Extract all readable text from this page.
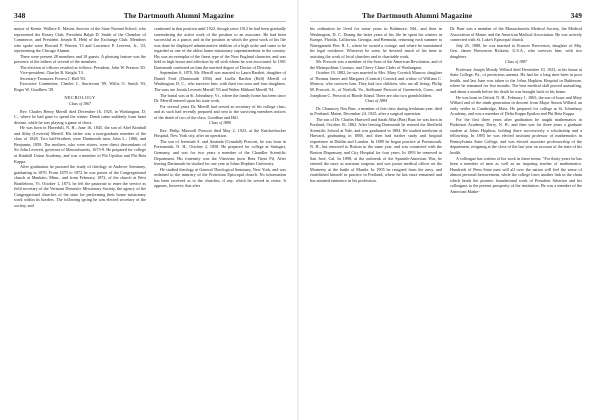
348	The Dartmouth Alumni Magazine

mayor of Keene, Wallace E. Mason, director of the State Normal School, who represented the Rotary Club, President Ralph D. Smith of the Chamber of Commerce, and President Joseph R. Hebl of the Exchange Club. Members who spoke were Howard P. Warren '13 and Lawrence P. Leavens, Jr., '23, representing the Chicago Alumni.

There were present 28 members and 18 guests. A pleasing feature was the presence of the fathers of several of the members.

The election of officers resulted as follows: President, John W. Preston '20.

Vice-president, Charles B. Knight '13.

Secretary-Treasurer, Forrest J. Hall '03.

Executive Committee, Charles C. Sturtevant '09, Willis O. Smith '03, Roger W. Goodhew '29.

NECROLOGY
Class of 1867

Rev. Charles Henry Merrill died December 16, 1925, in Washington, D. C., where he had gone to spend the winter. Death came suddenly from heart disease, while he was playing a game of chess.

He was born in Haverhill, N. H., June 16, 1845, the son of Abel Kimball and Abby (Leverett) Merrill. His father was a non-graduate member of the class of 1828. Two half-brothers were Dartmouth men, John L., 1866, and Benjamin, 1858. The mothers, who were sisters, were direct descendants of Sir John Leverett, governor of Massachusetts, 1673-9. He prepared for college at Kimball Union Academy, and was a member of Phi Upsilon and Phi Beta Kappa.

After graduation he pursued the study of theology at Andover Seminary, graduating in 1870. From 1870 to 1872 he was pastor of the Congregational church at Mankato, Minn., and from February, 1872, of the church at West Brattleboro, Vt. October 1, 1873, he left the pastorate to enter the service as field secretary of the Vermont Domestic Missionary Society, the agency of the Congregational churches of the state for performing their home missionary work within its borders. The following spring he was elected secretary of the society, and

continued in that position until 1922, though since 1912 he had been gradually surrendering the active work of the position to an associate. He had been successful as a pastor, and in the position in which the great work of his life was done he displayed administrative abilities of a high order and came to be regarded as one of the ablest home missionary superintendents in the country. His was an exemplar of the finest type of the New England character, and was held in high honor and affection by all with whom he was associated. In 1901 Dartmouth conferred on him the merited degree of Doctor of Divinity.

September 6, 1870, Mr. Merrill was married to Laura Bartlett, daughter of Daniel Ford (Dartmouth 1836) and Luella Bartlett (Bell) Merrill of Washington, D. C., who survives him, with their two sons and four daughters. The sons are Josiah Leverett Merrill '93 and Walter Hibbard Merrill '94.

The burial was at St. Johnsbury, Vt., where the family home has been since Dr. Merrill entered upon his state work.

For several years Dr. Merrill had served as secretary of his college class, and as such had recently prepared and sent to the surviving members notices of the death of two of the class, Goodhue and Hill.

Class of 1880

Rev. Philip Maxwell Prescott died May 2, 1923, at the Knickerbocker Hospital, New York city, after an operation.

The son of Jeremiah S. and Amanda (Crandall) Prescott, he was born in Portsmouth, N. H., October 2, 1858. He prepared for college at Stuttgart, Germany, and was for two years a member of the Chandler Scientific Department. His fraternity was the Vitruvian (now Beta Theta Pi). After leaving Dartmouth he studied for one year at Johns Hopkins University.

He studied theology at General Theological Seminary, New York, and was ordained to the ministry of the Protestant Episcopal church. No information has been received as to the churches, if any, which he served in restor. It appears, however, that after

The Dartmouth Alumni Magazine	349

his ordination he lived for some years in Baltimore, Md., and then in Washington, D. C. During the latter years of his life he spent his winters in Europe, Florida, California, Georgia, and Bermuda, returning each summer to Narragansett Pier, R. I., where he owned a cottage, and where he maintained his legal residence. Wherever he went, he devoted much of his time to assisting the work of local churches and to charitable work.

Mr. Prescott was a member of the Sons of the American Revolution, and of the Metropolitan, Cosmos, and Chevy Chase Clubs of Washington.

October 19, 1882, he was married to Mrs. Mary Cornick Marrow, daughter of Thomas James and Margaret (Cornick) Cornick and widow of William C. Marrow, who survives him. They had two children, who are all living: Philip M. Prescott, Jr., of Norfolk, Va., Stelburne Prescott of Greenwich, Conn., and Josephine C. Prescott of Rhode Island. There are also two grandchildren.

Class of 1884

Dr. Chauncey Nea Burr, a member of this class during freshman year, died in Portland, Maine, December 24, 1925, after a surgical operation.

The son of Dr. Charles Hartwell and Sarah Alba (Bea) Burr, he was born in Portland, October 16, 1862. After leaving Dartmouth he entered the Sheffield Scientific School at Yale, and was graduated in 1884. He studied medicine at Harvard, graduating in 1888, and then had further study and hospital experience in Dublin and London. In 1889 he began practice at Portsmouth, N. H., but removed to Boston in the same year, and was connected with the Boston Dispensary and City Hospital for four years. In 1893 he removed to San José, Cal. In 1898, at the outbreak of the Spanish-American War, he entered the navy as assistant surgeon, and was junior medical officer on the Monterey at the battle of Manila. In 1905 he resigned from the navy, and established himself in practice in Portland, where he has since remained and has attained eminence in his profession.

Dr. Burr was a member of the Massachusetts Medical Society, the Medical Association of Maine, and the American Medical Association. He was actively connected with St. Luke's Episcopal church.

July 25, 1888, he was married to Frances Brewerton, daughter of Maj. Gen. James Brewerton Ricketts, U.S.A., who survives him, with two daughters.

Class of 1887

Professor Joseph Moody Willard died December 10, 1923, at his home at State College, Pa., of pernicious anemia. He had for a long time been in poor health, and last June was taken to the Johns Hopkins Hospital in Baltimore, where he remained for five months. The best medical skill proved unavailing, and about a month before his death he was brought back to his home.

He was born in Orford, N. H., February 1, 1865, the son of Isaac and Mary Willard and of the ninth generation in descent from Major Simon Willard, an early settler in Cambridge, Mass. He prepared for college at St. Johnsbury Academy, and was a member of Delta Kappa Epsilon and Phi Beta Kappa.

For the first three years after graduation he taught mathematics in Pinkerton Academy, Derry, N. H., and then was for three years a graduate student at Johns Hopkins, holding there successively a scholarship and a fellowship. In 1893 he was elected assistant professor of mathematics in Pennsylvania State College, and was elected associate professorship of the department, resigning at the close of the last year on account of the state of his health.

A colleague has written of his work in these terms: "For thirty years he has been a member of men as well as an inspiring teacher of mathematics. Hundreds of Penn State men will all over the nation will feel the sense of almost personal bereavement, while the college loses another link in the chain which binds the pioneer, foundational work of President Atherton and his colleagues to the present prosperity of the institution. He was a member of the American Mathe-
